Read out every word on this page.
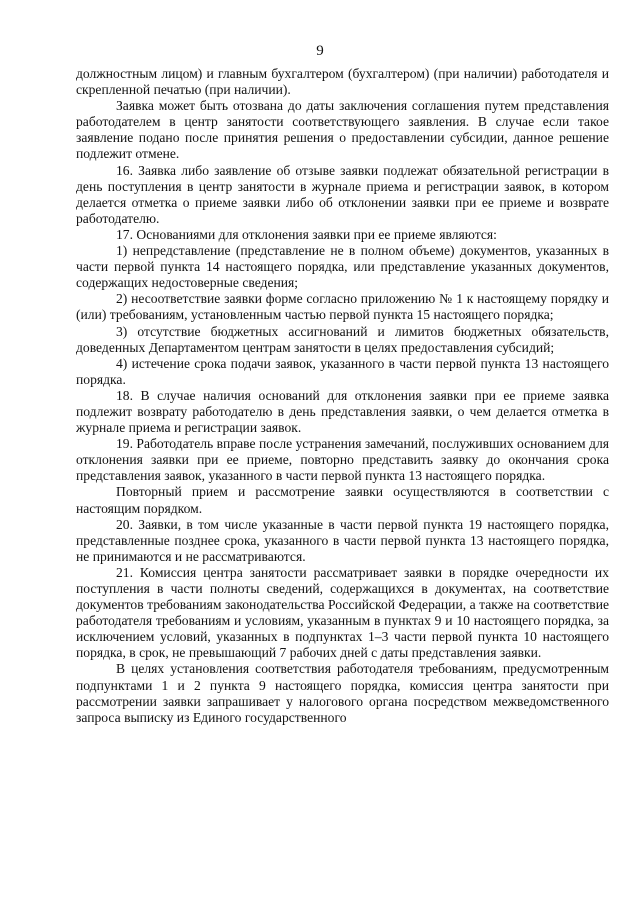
9

должностным лицом) и главным бухгалтером (бухгалтером) (при наличии) работодателя и скрепленной печатью (при наличии).

Заявка может быть отозвана до даты заключения соглашения путем представления работодателем в центр занятости соответствующего заявления. В случае если такое заявление подано после принятия решения о предоставлении субсидии, данное решение подлежит отмене.

16. Заявка либо заявление об отзыве заявки подлежат обязательной регистрации в день поступления в центр занятости в журнале приема и регистрации заявок, в котором делается отметка о приеме заявки либо об отклонении заявки при ее приеме и возврате работодателю.

17. Основаниями для отклонения заявки при ее приеме являются:

1) непредставление (представление не в полном объеме) документов, указанных в части первой пункта 14 настоящего порядка, или представление указанных документов, содержащих недостоверные сведения;

2) несоответствие заявки форме согласно приложению № 1 к настоящему порядку и (или) требованиям, установленным частью первой пункта 15 настоящего порядка;

3) отсутствие бюджетных ассигнований и лимитов бюджетных обязательств, доведенных Департаментом центрам занятости в целях предоставления субсидий;

4) истечение срока подачи заявок, указанного в части первой пункта 13 настоящего порядка.

18. В случае наличия оснований для отклонения заявки при ее приеме заявка подлежит возврату работодателю в день представления заявки, о чем делается отметка в журнале приема и регистрации заявок.

19. Работодатель вправе после устранения замечаний, послуживших основанием для отклонения заявки при ее приеме, повторно представить заявку до окончания срока представления заявок, указанного в части первой пункта 13 настоящего порядка.

Повторный прием и рассмотрение заявки осуществляются в соответствии с настоящим порядком.

20. Заявки, в том числе указанные в части первой пункта 19 настоящего порядка, представленные позднее срока, указанного в части первой пункта 13 настоящего порядка, не принимаются и не рассматриваются.

21. Комиссия центра занятости рассматривает заявки в порядке очередности их поступления в части полноты сведений, содержащихся в документах, на соответствие документов требованиям законодательства Российской Федерации, а также на соответствие работодателя требованиям и условиям, указанным в пунктах 9 и 10 настоящего порядка, за исключением условий, указанных в подпунктах 1–3 части первой пункта 10 настоящего порядка, в срок, не превышающий 7 рабочих дней с даты представления заявки.

В целях установления соответствия работодателя требованиям, предусмотренным подпунктами 1 и 2 пункта 9 настоящего порядка, комиссия центра занятости при рассмотрении заявки запрашивает у налогового органа посредством межведомственного запроса выписку из Единого государственного
